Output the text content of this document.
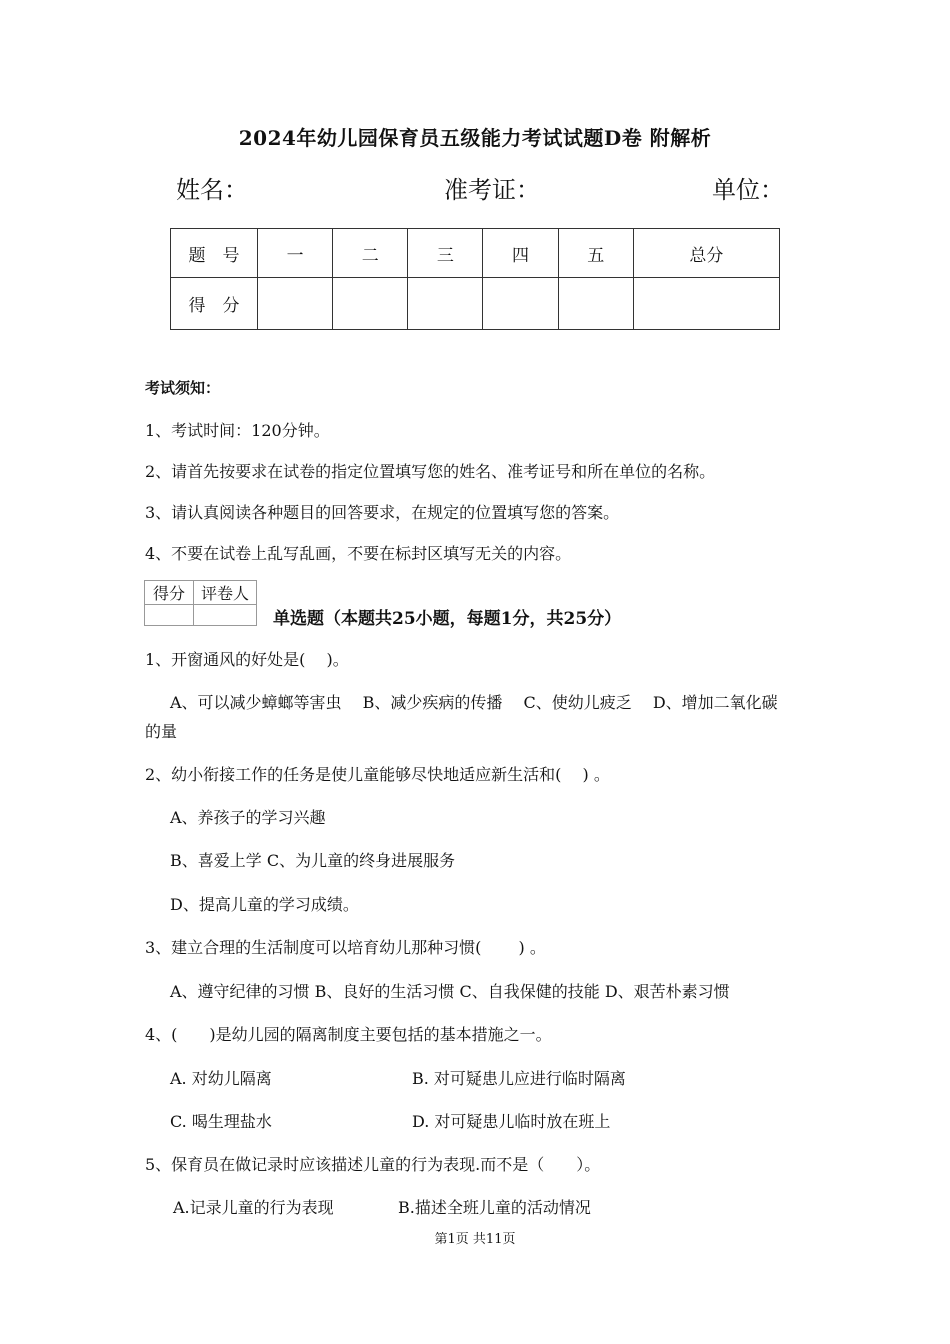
2024年幼儿园保育员五级能力考试试题D卷 附解析
姓名：	准考证：	单位：
题　号	一	二	三	四	五	总分
得　分						
考试须知：
1、考试时间：120分钟。
2、请首先按要求在试卷的指定位置填写您的姓名、准考证号和所在单位的名称。
3、请认真阅读各种题目的回答要求，在规定的位置填写您的答案。
4、不要在试卷上乱写乱画，不要在标封区填写无关的内容。
得分	评卷人

单选题（本题共25小题，每题1分，共25分）
1、开窗通风的好处是(　 )。
A、可以减少蟑螂等害虫　 B、减少疾病的传播　 C、使幼儿疲乏　 D、增加二氧化碳
的量
2、幼小衔接工作的任务是使儿童能够尽快地适应新生活和(　 ) 。
A、养孩子的学习兴趣
B、喜爱上学 C、为儿童的终身进展服务
D、提高儿童的学习成绩。
3、建立合理的生活制度可以培育幼儿那种习惯(　　 ) 。
A、遵守纪律的习惯 B、良好的生活习惯 C、自我保健的技能 D、艰苦朴素习惯
4、(　　)是幼儿园的隔离制度主要包括的基本措施之一。
A. 对幼儿隔离	B. 对可疑患儿应进行临时隔离
C. 喝生理盐水	D. 对可疑患儿临时放在班上
5、保育员在做记录时应该描述儿童的行为表现.而不是（　　）。
A.记录儿童的行为表现	B.描述全班儿童的活动情况
第1页 共11页
